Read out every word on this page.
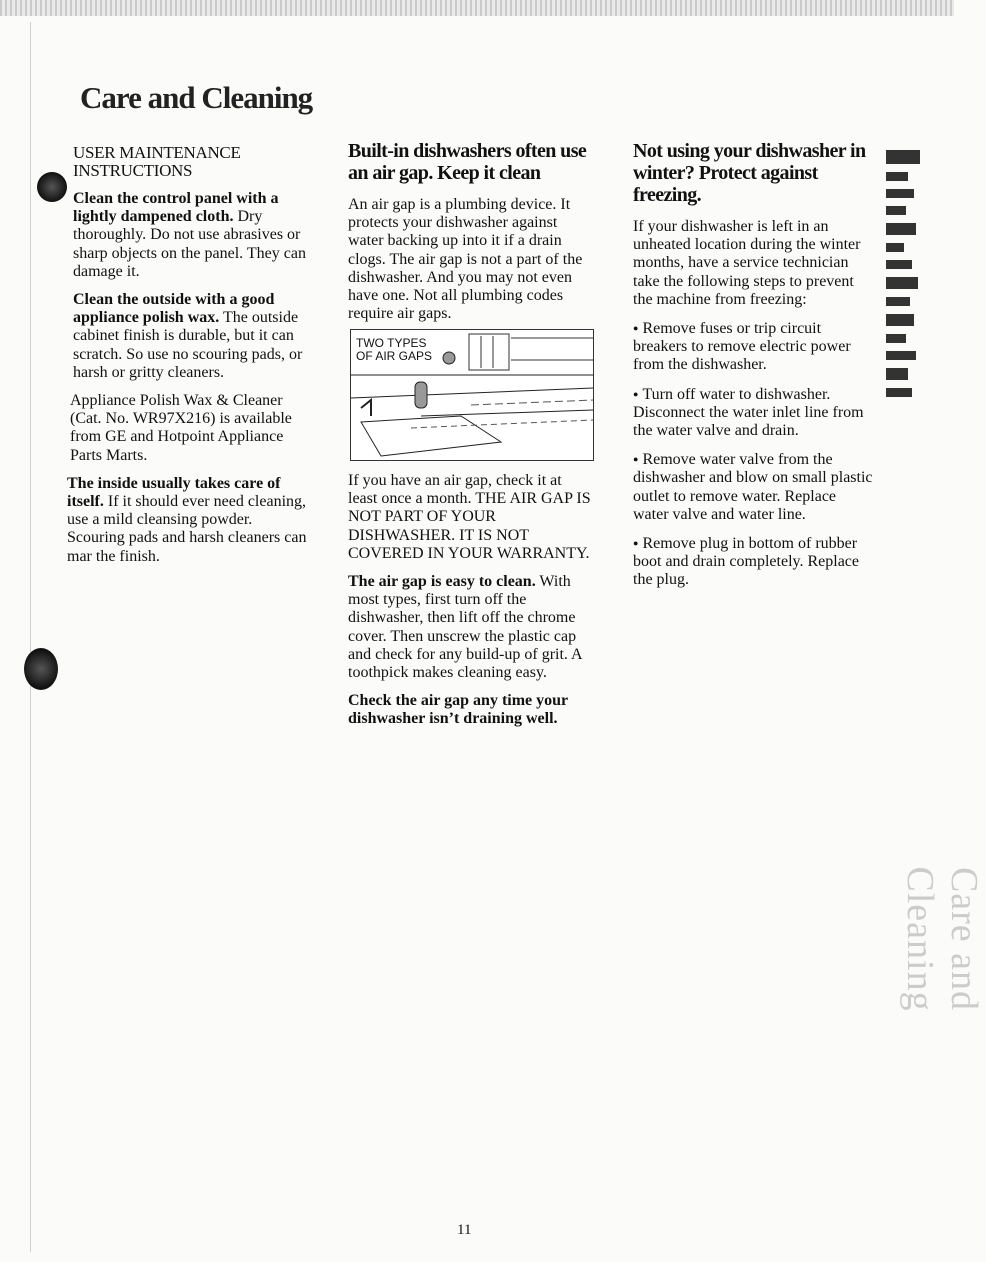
Care and Cleaning

USER MAINTENANCE INSTRUCTIONS

Clean the control panel with a lightly dampened cloth. Dry thoroughly. Do not use abrasives or sharp objects on the panel. They can damage it.

Clean the outside with a good appliance polish wax. The outside cabinet finish is durable, but it can scratch. So use no scouring pads, or harsh or gritty cleaners.

Appliance Polish Wax & Cleaner (Cat. No. WR97X216) is available from GE and Hotpoint Appliance Parts Marts.

The inside usually takes care of itself. If it should ever need cleaning, use a mild cleansing powder. Scouring pads and harsh cleaners can mar the finish.

Built-in dishwashers often use an air gap. Keep it clean

An air gap is a plumbing device. It protects your dishwasher against water backing up into it if a drain clogs. The air gap is not a part of the dishwasher. And you may not even have one. Not all plumbing codes require air gaps.

TWO TYPES
OF AIR GAPS

If you have an air gap, check it at least once a month. THE AIR GAP IS NOT PART OF YOUR DISHWASHER. IT IS NOT COVERED IN YOUR WARRANTY.

The air gap is easy to clean. With most types, first turn off the dishwasher, then lift off the chrome cover. Then unscrew the plastic cap and check for any build-up of grit. A toothpick makes cleaning easy.

Check the air gap any time your dishwasher isn’t draining well.

Not using your dishwasher in winter? Protect against freezing.

If your dishwasher is left in an unheated location during the winter months, have a service technician take the following steps to prevent the machine from freezing:

● Remove fuses or trip circuit breakers to remove electric power from the dishwasher.

● Turn off water to dishwasher. Disconnect the water inlet line from the water valve and drain.

● Remove water valve from the dishwasher and blow on small plastic outlet to remove water. Replace water valve and water line.

● Remove plug in bottom of rubber boot and drain completely. Replace the plug.

Care and Cleaning
11
